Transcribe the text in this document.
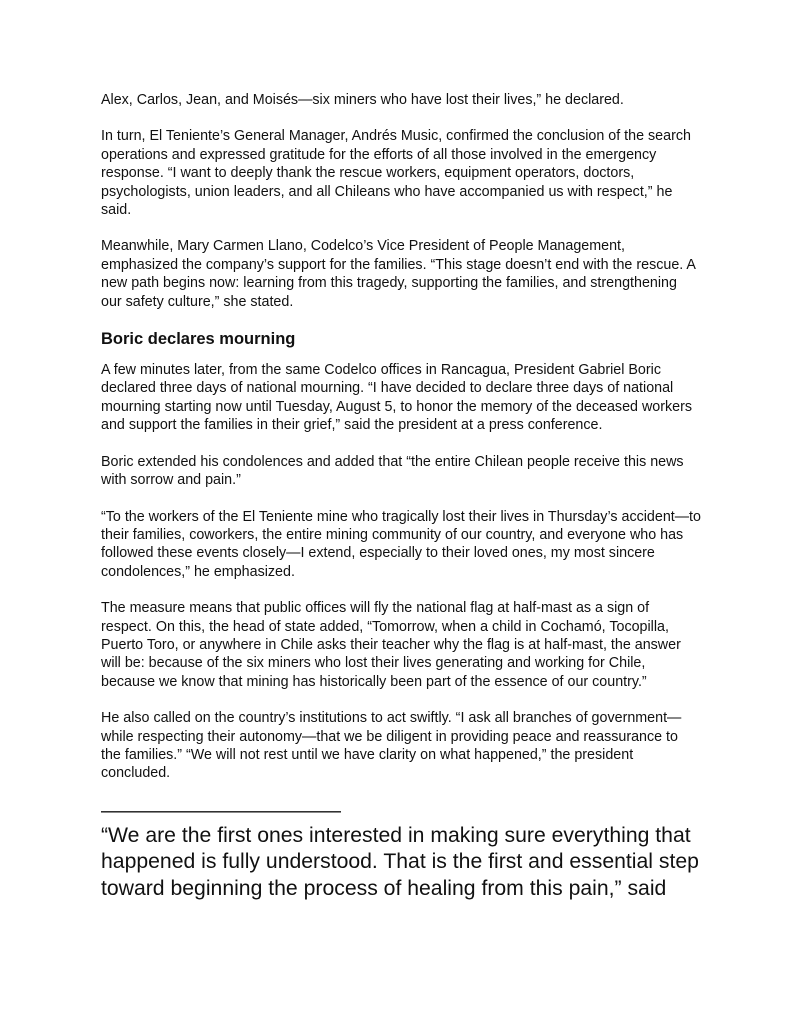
Alex, Carlos, Jean, and Moisés—six miners who have lost their lives,” he declared.

In turn, El Teniente’s General Manager, Andrés Music, confirmed the conclusion of the search operations and expressed gratitude for the efforts of all those involved in the emergency response. “I want to deeply thank the rescue workers, equipment operators, doctors, psychologists, union leaders, and all Chileans who have accompanied us with respect,” he said.

Meanwhile, Mary Carmen Llano, Codelco’s Vice President of People Management, emphasized the company’s support for the families. “This stage doesn’t end with the rescue. A new path begins now: learning from this tragedy, supporting the families, and strengthening our safety culture,” she stated.

Boric declares mourning

A few minutes later, from the same Codelco offices in Rancagua, President Gabriel Boric declared three days of national mourning. “I have decided to declare three days of national mourning starting now until Tuesday, August 5, to honor the memory of the deceased workers and support the families in their grief,” said the president at a press conference.

Boric extended his condolences and added that “the entire Chilean people receive this news with sorrow and pain.”

“To the workers of the El Teniente mine who tragically lost their lives in Thursday’s accident—to their families, coworkers, the entire mining community of our country, and everyone who has followed these events closely—I extend, especially to their loved ones, my most sincere condolences,” he emphasized.

The measure means that public offices will fly the national flag at half-mast as a sign of respect. On this, the head of state added, “Tomorrow, when a child in Cochamó, Tocopilla, Puerto Toro, or anywhere in Chile asks their teacher why the flag is at half-mast, the answer will be: because of the six miners who lost their lives generating and working for Chile, because we know that mining has historically been part of the essence of our country.”

He also called on the country’s institutions to act swiftly. “I ask all branches of government—while respecting their autonomy—that we be diligent in providing peace and reassurance to the families.” “We will not rest until we have clarity on what happened,” the president concluded.

————————————

“We are the first ones interested in making sure everything that happened is fully understood. That is the first and essential step toward beginning the process of healing from this pain,” said
